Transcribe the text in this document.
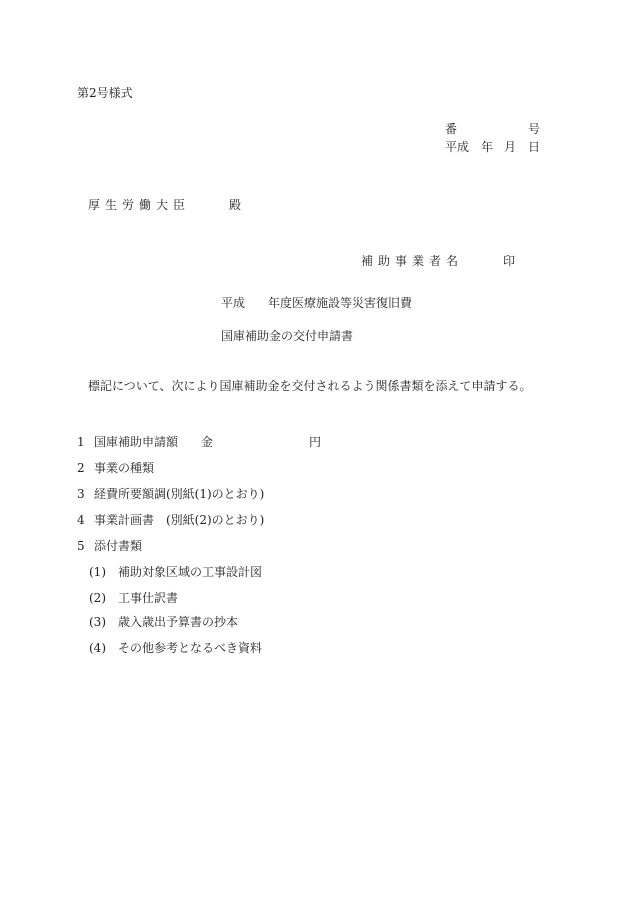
第2号様式
番	号
平成 年 月 日
厚生労働大臣	殿
補助事業者名	印
平成 年度医療施設等災害復旧費
国庫補助金の交付申請書
標記について、次により国庫補助金を交付されるよう関係書類を添えて申請する。
1 国庫補助申請額 金	円
2 事業の種類
3 経費所要額調(別紙(1)のとおり)
4 事業計画書　(別紙(2)のとおり)
5 添付書類
(1) 補助対象区域の工事設計図
(2) 工事仕訳書
(3) 歳入歳出予算書の抄本
(4) その他参考となるべき資料
